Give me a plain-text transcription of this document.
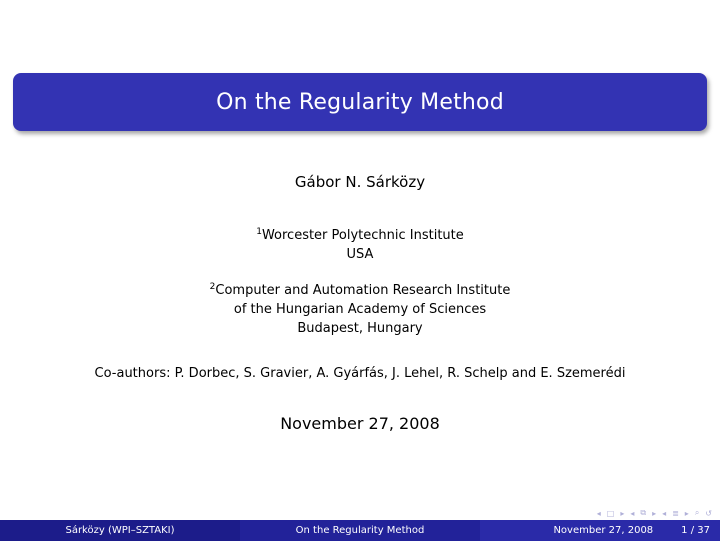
On the Regularity Method
Gábor N. Sárközy
$^1$Worcester Polytechnic Institute
USA
$^2$Computer and Automation Research Institute
of the Hungarian Academy of Sciences
Budapest, Hungary
Co-authors: P. Dorbec, S. Gravier, A. Gyárfás, J. Lehel, R. Schelp and E. Szemerédi
November 27, 2008
◂ □ ▸ ◂ ⧉ ▸ ◂ ≣ ▸ ⌕ ↺
Sárközy (WPI–SZTAKI)	On the Regularity Method	November 27, 2008	1 / 37
